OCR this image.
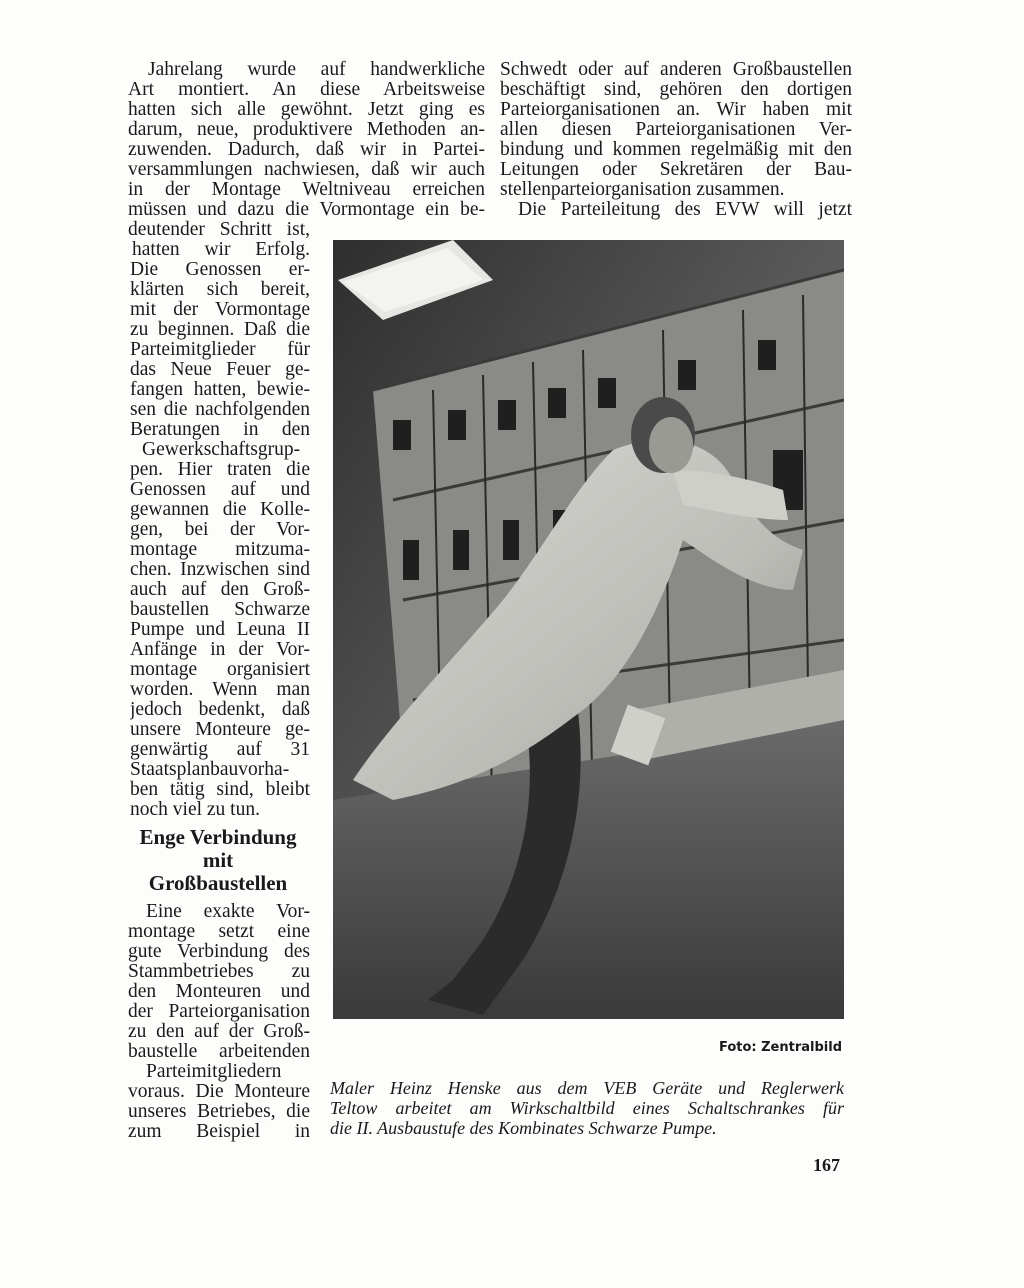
Jahrelang wurde auf handwerkliche
Art montiert. An diese Arbeitsweise
hatten sich alle gewöhnt. Jetzt ging es
darum, neue, produktivere Methoden an-
zuwenden. Dadurch, daß wir in Partei-
versammlungen nachwiesen, daß wir auch
in der Montage Weltniveau erreichen
müssen und dazu die Vormontage ein be-
deutender Schritt ist,
hatten wir Erfolg.
Die Genossen er-
klärten sich bereit,
mit der Vormontage
zu beginnen. Daß die
Parteimitglieder für
das Neue Feuer ge-
fangen hatten, bewie-
sen die nachfolgenden
Beratungen in den
Gewerkschaftsgrup-
pen. Hier traten die
Genossen auf und
gewannen die Kolle-
gen, bei der Vor-
montage mitzuma-
chen. Inzwischen sind
auch auf den Groß-
baustellen Schwarze
Pumpe und Leuna II
Anfänge in der Vor-
montage organisiert
worden. Wenn man
jedoch bedenkt, daß
unsere Monteure ge-
genwärtig auf 31
Staatsplanbauvorha-
ben tätig sind, bleibt
noch viel zu tun.
Enge Verbindung
mit
Großbaustellen
Eine exakte Vor-
montage setzt eine
gute Verbindung des
Stammbetriebes zu
den Monteuren und
der Parteiorganisation
zu den auf der Groß-
baustelle arbeitenden
Parteimitgliedern
voraus. Die Monteure
unseres Betriebes, die
zum Beispiel in
Schwedt oder auf anderen Großbaustellen
beschäftigt sind, gehören den dortigen
Parteiorganisationen an. Wir haben mit
allen diesen Parteiorganisationen Ver-
bindung und kommen regelmäßig mit den
Leitungen oder Sekretären der Bau-
stellenparteiorganisation zusammen.
Die Parteileitung des EVW will jetzt
Foto: Zentralbild
Maler Heinz Henske aus dem VEB Geräte und Reglerwerk
Teltow arbeitet am Wirkschaltbild eines Schaltschrankes für
die II. Ausbaustufe des Kombinates Schwarze Pumpe.
167
